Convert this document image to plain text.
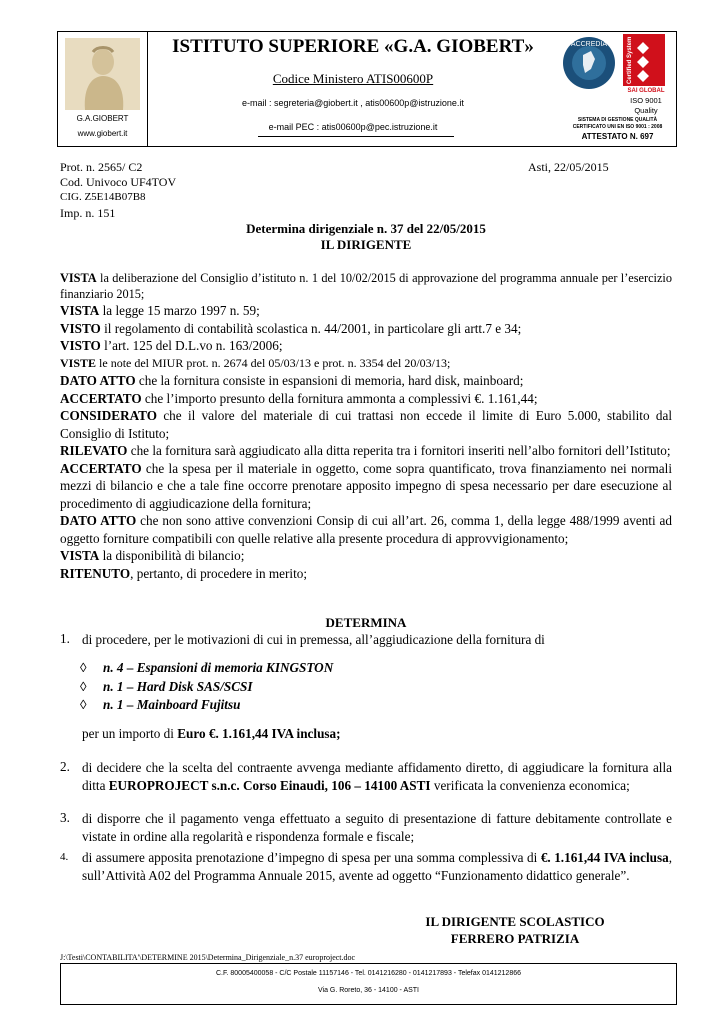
G.A.GIOBERT
www.giobert.it
ISTITUTO SUPERIORE «G.A. GIOBERT»
Codice Ministero ATIS00600P
e-mail : segreteria@giobert.it , atis00600p@istruzione.it
e-mail PEC : atis00600p@pec.istruzione.it
ACCREDIA	Certified System
SAI GLOBAL
ISO 9001
Quality
SISTEMA DI GESTIONE QUALITÀ
CERTIFICATO UNI EN ISO 9001 : 2008
ATTESTATO N. 697
Prot. n. 2565/ C2	Asti, 22/05/2015
Cod. Univoco UF4TOV
CIG. Z5E14B07B8
Imp. n. 151
Determina dirigenziale n. 37 del 22/05/2015
IL DIRIGENTE
VISTA la deliberazione del Consiglio d’istituto n. 1 del 10/02/2015 di approvazione del programma annuale per l’esercizio finanziario 2015;
VISTA la legge 15 marzo 1997 n. 59;
VISTO il regolamento di contabilità scolastica n. 44/2001, in particolare gli artt.7 e 34;
VISTO l’art. 125 del D.L.vo n. 163/2006;
VISTE le note del MIUR prot. n. 2674 del 05/03/13 e prot. n. 3354 del 20/03/13;
DATO ATTO che la fornitura consiste in espansioni di memoria, hard disk, mainboard;
ACCERTATO che l’importo presunto della fornitura ammonta a complessivi €. 1.161,44;
CONSIDERATO che il valore del materiale di cui trattasi non eccede il limite di Euro 5.000, stabilito dal Consiglio di Istituto;
RILEVATO che la fornitura sarà aggiudicato alla ditta reperita tra i fornitori inseriti nell’albo fornitori dell’Istituto;
ACCERTATO che la spesa per il materiale in oggetto, come sopra quantificato, trova finanziamento nei normali mezzi di bilancio e che a tale fine occorre prenotare apposito impegno di spesa necessario per dare esecuzione al procedimento di aggiudicazione della fornitura;
DATO ATTO che non sono attive convenzioni Consip di cui all’art. 26, comma 1, della legge 488/1999 aventi ad oggetto forniture compatibili con quelle relative alla presente procedura di approvvigionamento;
VISTA la disponibilità di bilancio;
RITENUTO, pertanto, di procedere in merito;
DETERMINA
1. di procedere, per le motivazioni di cui in premessa, all’aggiudicazione della fornitura di
◊ n. 4 – Espansioni di memoria KINGSTON
◊ n. 1 – Hard Disk SAS/SCSI
◊ n. 1 – Mainboard Fujitsu
per un importo di Euro €. 1.161,44 IVA inclusa;
2. di decidere che la scelta del contraente avvenga mediante affidamento diretto, di aggiudicare la fornitura alla ditta EUROPROJECT s.n.c. Corso Einaudi, 106 – 14100 ASTI verificata la convenienza economica;
3. di disporre che il pagamento venga effettuato a seguito di presentazione di fatture debitamente controllate e vistate in ordine alla regolarità e rispondenza formale e fiscale;
4. di assumere apposita prenotazione d’impegno di spesa per una somma complessiva di €. 1.161,44 IVA inclusa, sull’Attività A02 del Programma Annuale 2015, avente ad oggetto “Funzionamento didattico generale”.
IL DIRIGENTE SCOLASTICO
FERRERO PATRIZIA
J:\Testi\CONTABILITA'\DETERMINE 2015\Determina_Dirigenziale_n.37 europroject.doc
C.F. 80005400058 - C/C Postale 11157146 - Tel. 0141216280 - 0141217893 - Telefax 0141212866
Via G. Roreto, 36 - 14100 - ASTI
